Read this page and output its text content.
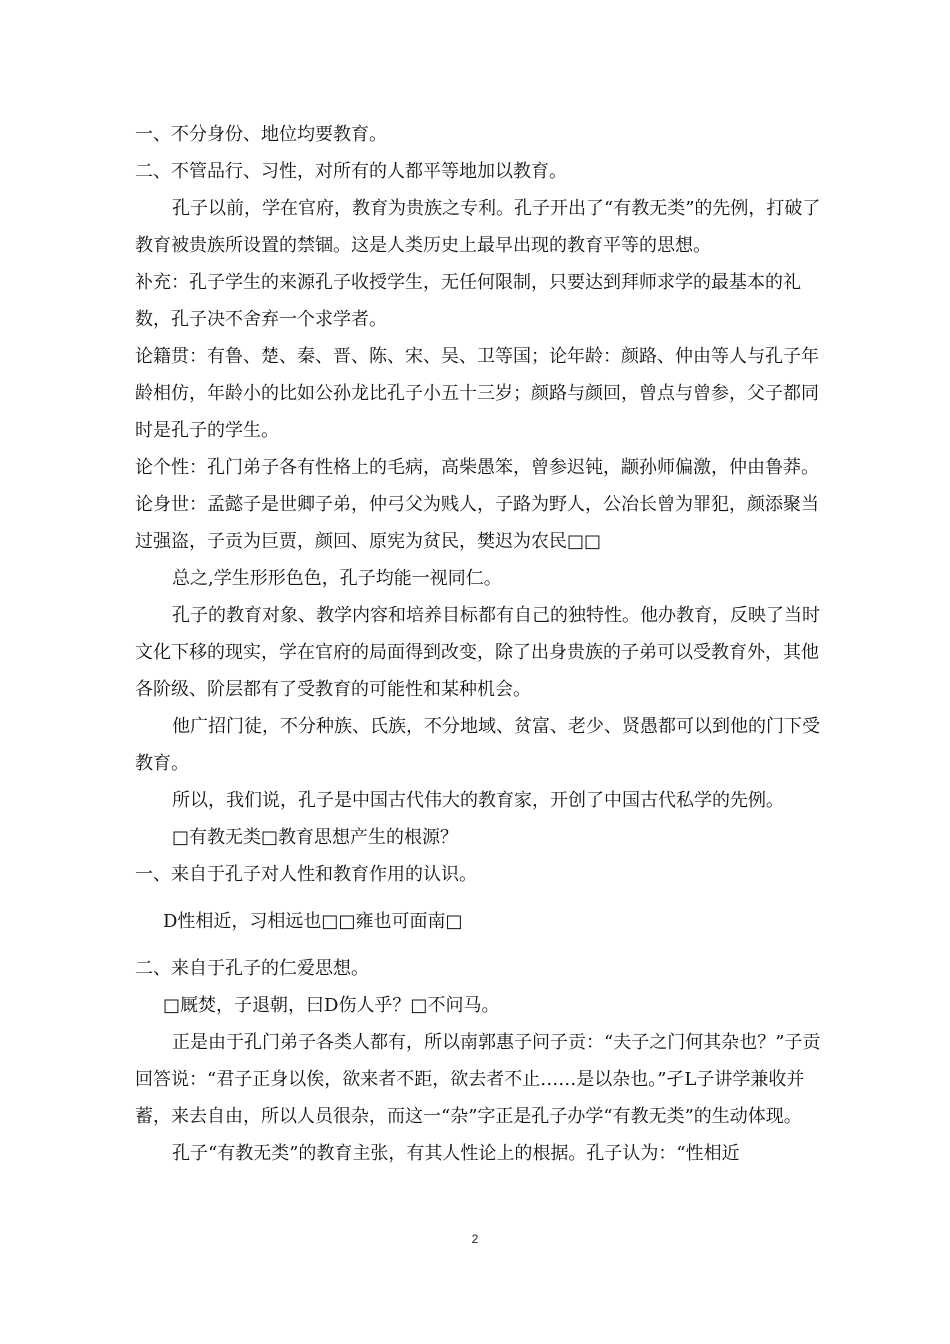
一、不分身份、地位均要教育。

二、不管品行、习性，对所有的人都平等地加以教育。

孔子以前，学在官府，教育为贵族之专利。孔子开出了“有教无类”的先例，打破了教育被贵族所设置的禁锢。这是人类历史上最早出现的教育平等的思想。

补充：孔子学生的来源孔子收授学生，无任何限制，只要达到拜师求学的最基本的礼数，孔子决不舍弃一个求学者。

论籍贯：有鲁、楚、秦、晋、陈、宋、吴、卫等国；论年龄：颜路、仲由等人与孔子年龄相仿，年龄小的比如公孙龙比孔子小五十三岁；颜路与颜回，曾点与曾参，父子都同时是孔子的学生。

论个性：孔门弟子各有性格上的毛病，高柴愚笨，曾参迟钝，颛孙师偏激，仲由鲁莽。

论身世：孟懿子是世卿子弟，仲弓父为贱人，子路为野人，公冶长曾为罪犯，颜添聚当过强盗，子贡为巨贾，颜回、原宪为贫民，樊迟为农民□□

总之,学生形形色色，孔子均能一视同仁。

孔子的教育对象、教学内容和培养目标都有自己的独特性。他办教育，反映了当时文化下移的现实，学在官府的局面得到改变，除了出身贵族的子弟可以受教育外，其他各阶级、阶层都有了受教育的可能性和某种机会。

他广招门徒，不分种族、氏族，不分地域、贫富、老少、贤愚都可以到他的门下受教育。

所以，我们说，孔子是中国古代伟大的教育家，开创了中国古代私学的先例。

□有教无类□教育思想产生的根源？

一、来自于孔子对人性和教育作用的认识。

D性相近，习相远也□□雍也可面南□

二、来自于孔子的仁爱思想。

□厩焚，子退朝，曰D伤人乎？□不问马。

正是由于孔门弟子各类人都有，所以南郭惠子问子贡：“夫子之门何其杂也？”子贡回答说：“君子正身以俟，欲来者不距，欲去者不止……是以杂也。”孑L子讲学兼收并蓄，来去自由，所以人员很杂，而这一“杂”字正是孔子办学“有教无类”的生动体现。

孔子“有教无类”的教育主张，有其人性论上的根据。孔子认为：“性相近

2
